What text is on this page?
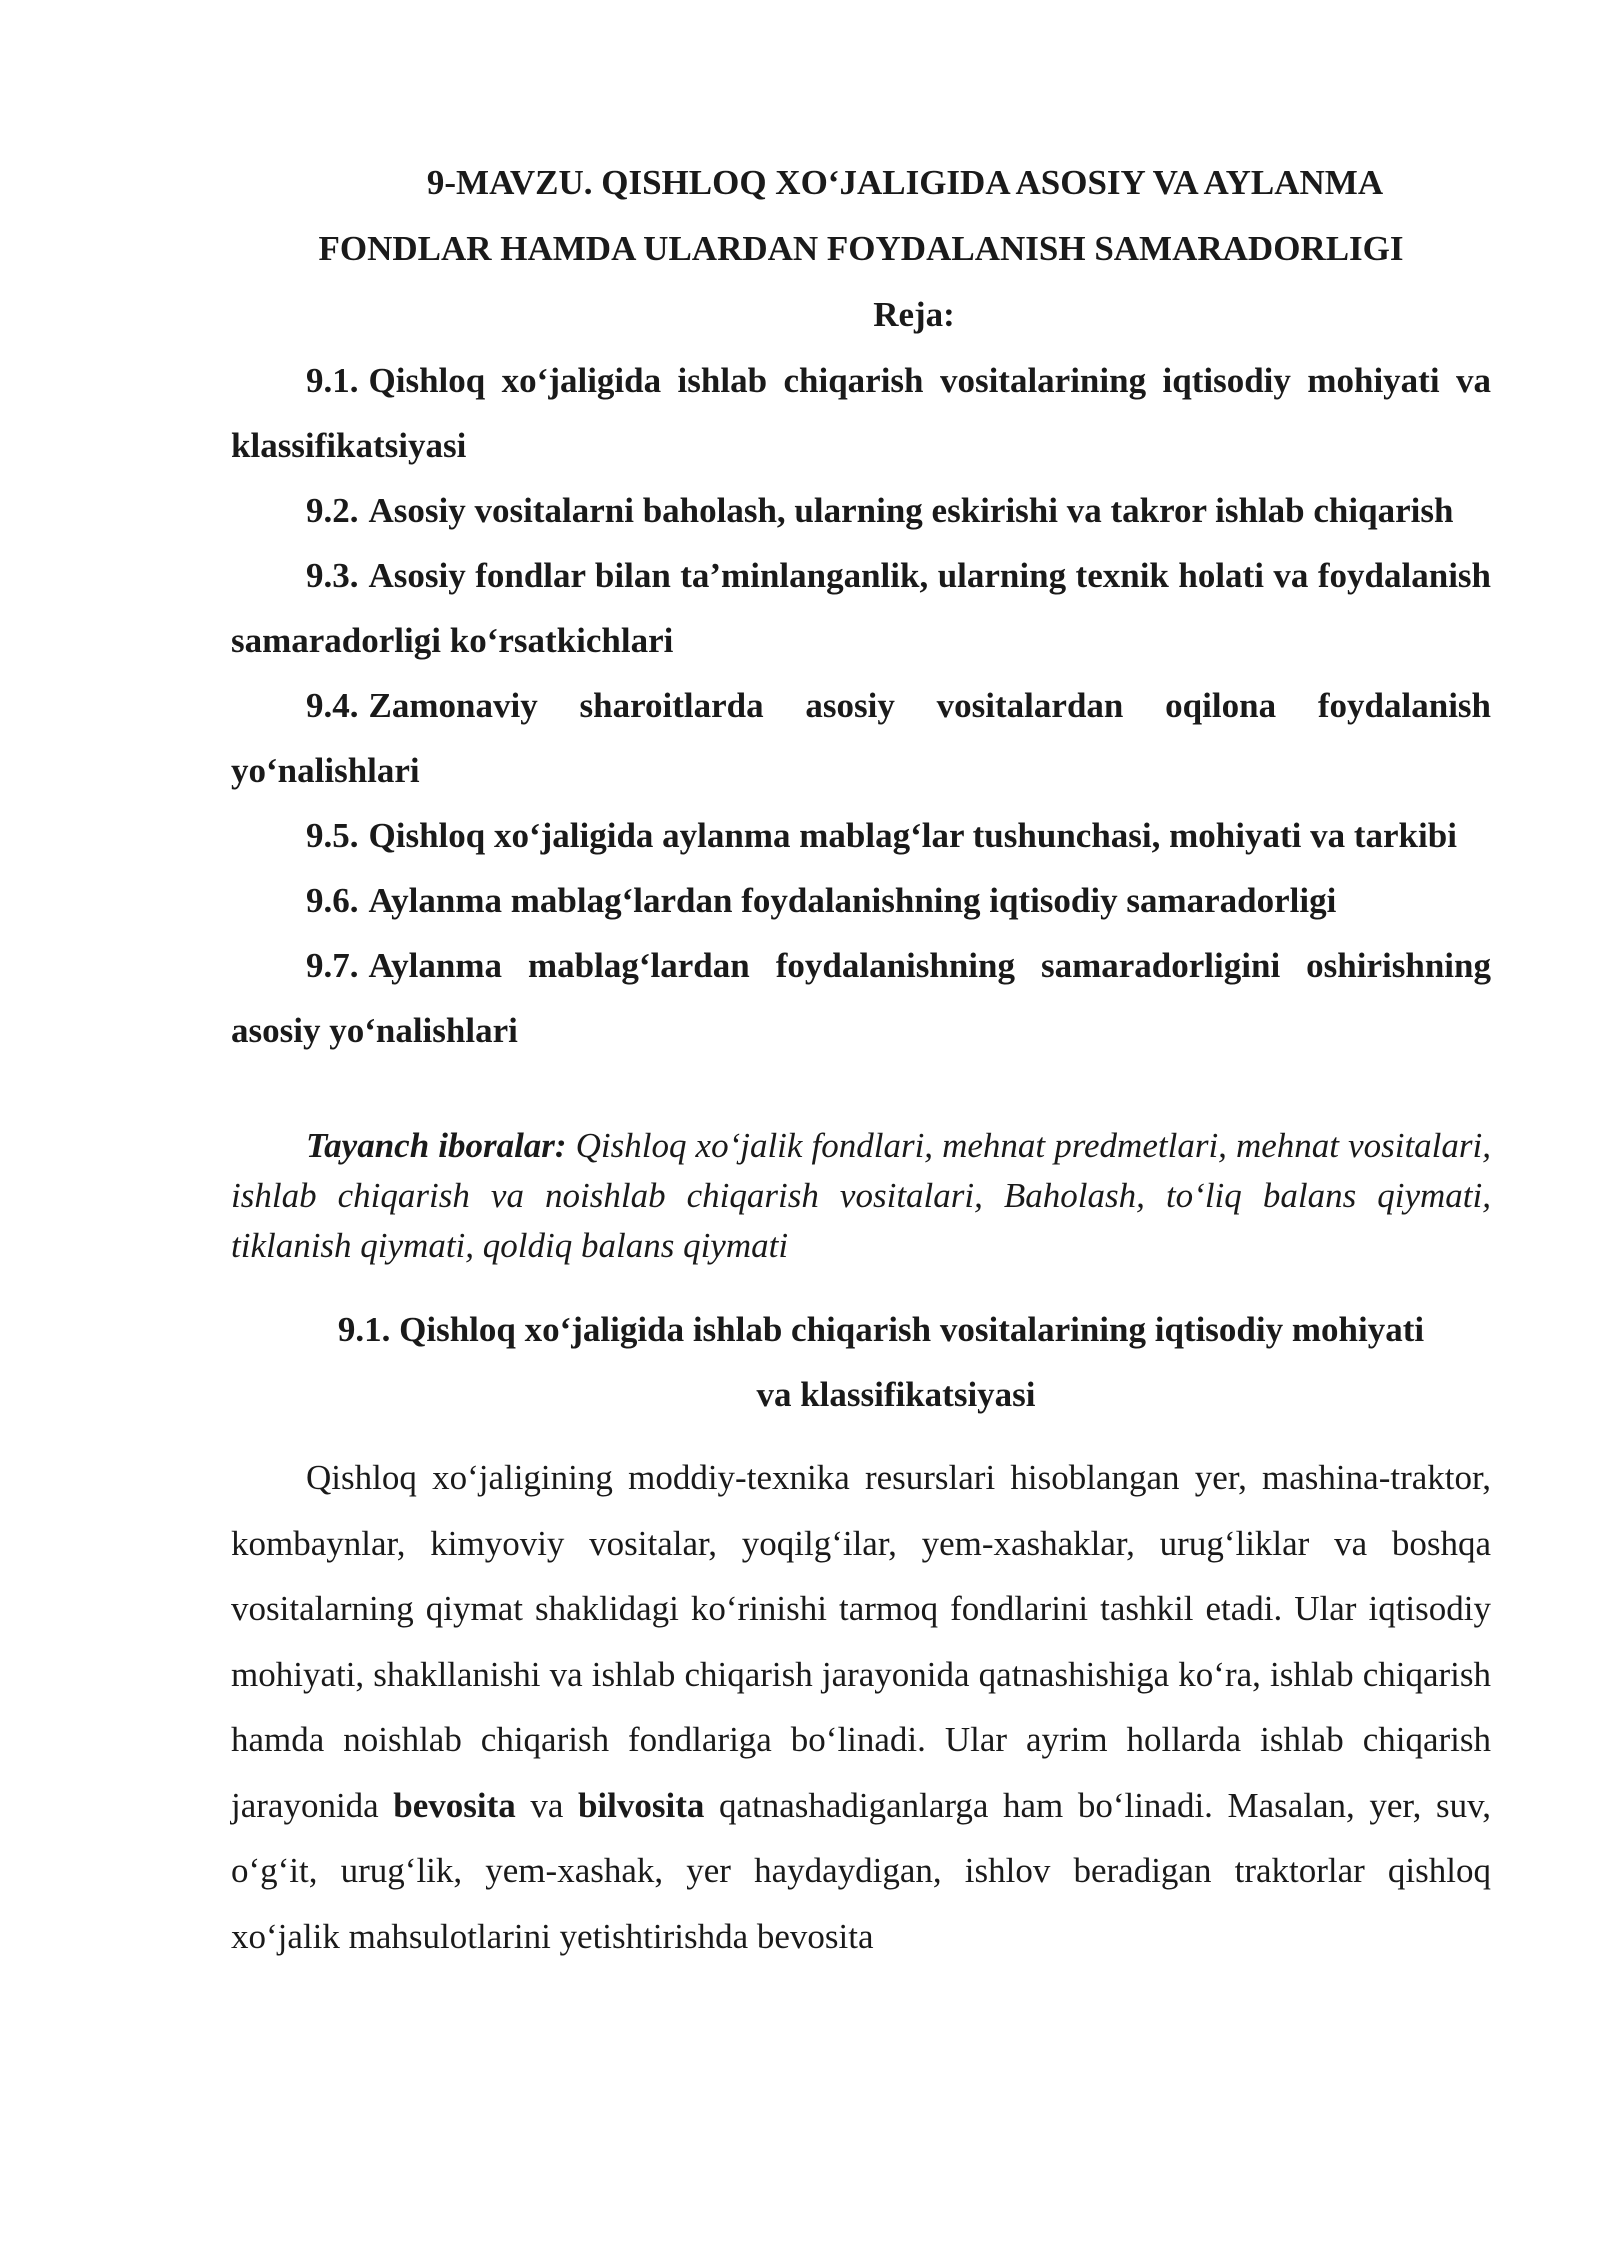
9-MAVZU. QISHLOQ XO‘JALIGIDA ASOSIY VA AYLANMA
FONDLAR HAMDA ULARDAN FOYDALANISH SAMARADORLIGI

Reja:

9.1. Qishloq xo‘jaligida ishlab chiqarish vositalarining iqtisodiy mohiyati va klassifikatsiyasi
9.2. Asosiy vositalarni baholash, ularning eskirishi va takror ishlab chiqarish
9.3. Asosiy fondlar bilan ta’minlanganlik, ularning texnik holati va foydalanish samaradorligi ko‘rsatkichlari
9.4. Zamonaviy sharoitlarda asosiy vositalardan oqilona foydalanish yo‘nalishlari
9.5. Qishloq xo‘jaligida aylanma mablag‘lar tushunchasi, mohiyati va tarkibi
9.6. Aylanma mablag‘lardan foydalanishning iqtisodiy samaradorligi
9.7. Aylanma mablag‘lardan foydalanishning samaradorligini oshirishning asosiy yo‘nalishlari

Tayanch iboralar: Qishloq xo‘jalik fondlari, mehnat predmetlari, mehnat vositalari, ishlab chiqarish va noishlab chiqarish vositalari, Baholash, to‘liq balans qiymati, tiklanish qiymati, qoldiq balans qiymati

9.1. Qishloq xo‘jaligida ishlab chiqarish vositalarining iqtisodiy mohiyati
va klassifikatsiyasi

Qishloq xo‘jaligining moddiy-texnika resurslari hisoblangan yer, mashina-traktor, kombaynlar, kimyoviy vositalar, yoqilg‘ilar, yem-xashaklar, urug‘liklar va boshqa vositalarning qiymat shaklidagi ko‘rinishi tarmoq fondlarini tashkil etadi. Ular iqtisodiy mohiyati, shakllanishi va ishlab chiqarish jarayonida qatnashishiga ko‘ra, ishlab chiqarish hamda noishlab chiqarish fondlariga bo‘linadi. Ular ayrim hollarda ishlab chiqarish jarayonida bevosita va bilvosita qatnashadiganlarga ham bo‘linadi. Masalan, yer, suv, o‘g‘it, urug‘lik, yem-xashak, yer haydaydigan, ishlov beradigan traktorlar qishloq xo‘jalik mahsulotlarini yetishtirishda bevosita
